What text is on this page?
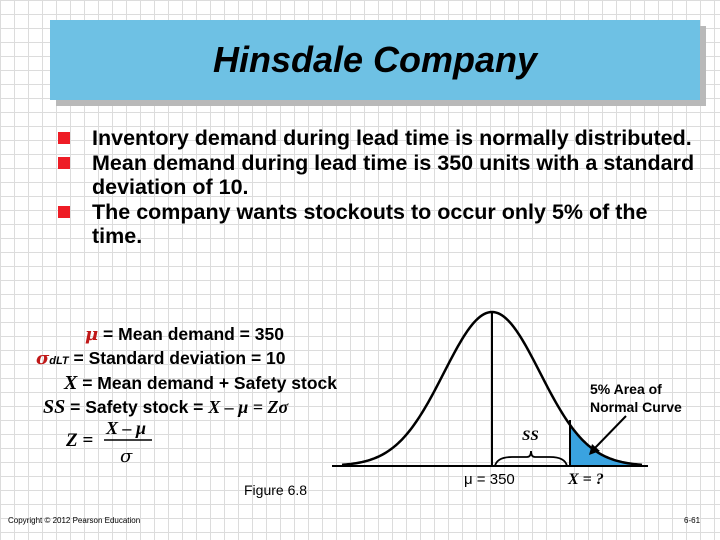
Hinsdale Company
Inventory demand during lead time is normally distributed.
Mean demand during lead time is 350 units with a standard deviation of 10.
The company wants stockouts to occur only 5% of the time.
μ = Mean demand = 350
σdLT = Standard deviation = 10
X = Mean demand + Safety stock
SS = Safety stock = X – μ = Zσ
Z =
X – μ
σ
SS
5% Area of
Normal Curve
μ = 350	X = ?
Figure 6.8
Copyright © 2012 Pearson Education	6-61
